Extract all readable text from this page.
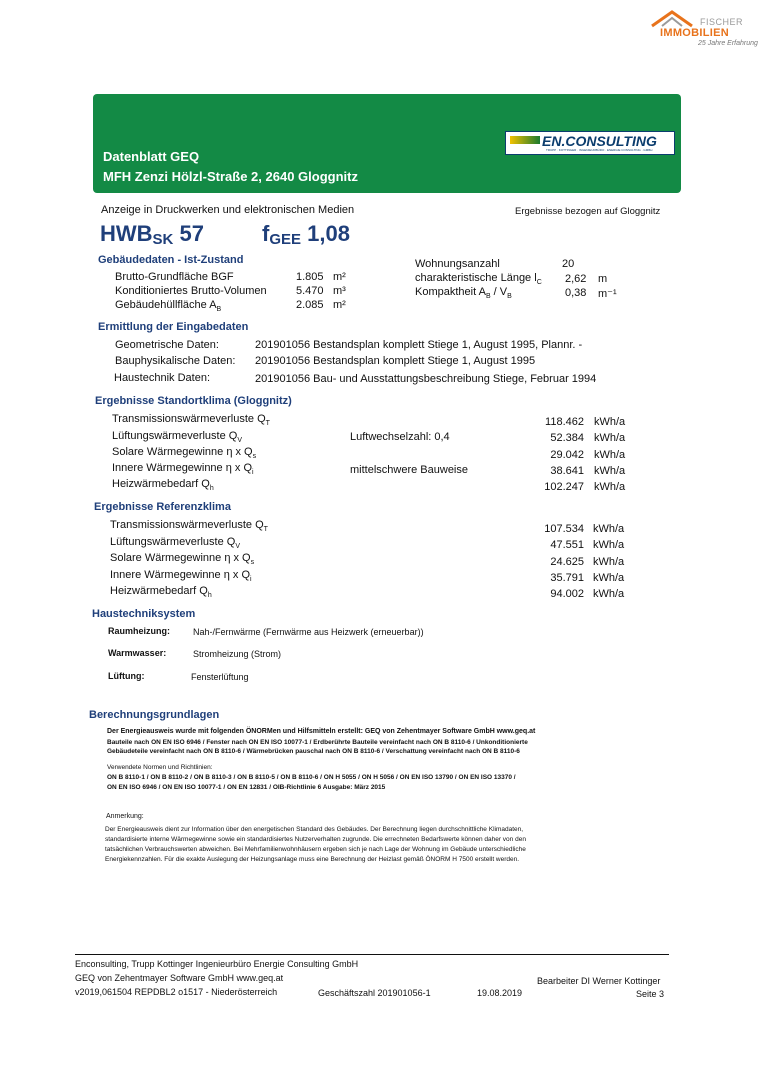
FISCHER
IMMOBILIEN
25 Jahre Erfahrung
Datenblatt GEQ
MFH Zenzi Hölzl-Straße 2, 2640 Gloggnitz
EN.CONSULTING
TRUPP · KOTTINGER · INGENIEURBÜRO · ENERGIE CONSULTING · GMBH
Anzeige in Druckwerken und elektronischen Medien	Ergebnisse bezogen auf Gloggnitz
$HWB_{SK}$ 57	$f_{GEE}$ 1,08
Gebäudedaten - Ist-Zustand
Brutto-Grundfläche BGF	1.805 m²
Konditioniertes Brutto-Volumen	5.470 m³
Gebäudehüllfläche $A_B$	2.085 m²
Wohnungsanzahl	20
charakteristische Länge $l_C$ 2,62 m
Kompaktheit $A_B / V_B$	0,38 m⁻¹
Ermittlung der Eingabedaten
Geometrische Daten:	201901056 Bestandsplan komplett Stiege 1, August 1995, Plannr. -
Bauphysikalische Daten: 201901056 Bestandsplan komplett Stiege 1, August 1995
Haustechnik Daten:	201901056 Bau- und Ausstattungsbeschreibung Stiege, Februar 1994
Ergebnisse Standortklima (Gloggnitz)
Transmissionswärmeverluste $Q_T$	118.462 kWh/a
Lüftungswärmeverluste $Q_V$	Luftwechselzahl: 0,4	52.384 kWh/a
Solare Wärmegewinne η x $Q_s$	29.042 kWh/a
Innere Wärmegewinne η x $Q_i$	mittelschwere Bauweise	38.641 kWh/a
Heizwärmebedarf $Q_h$	102.247 kWh/a
Ergebnisse Referenzklima
Transmissionswärmeverluste $Q_T$	107.534 kWh/a
Lüftungswärmeverluste $Q_V$	47.551 kWh/a
Solare Wärmegewinne η x $Q_s$	24.625 kWh/a
Innere Wärmegewinne η x $Q_i$	35.791 kWh/a
Heizwärmebedarf $Q_h$	94.002 kWh/a
Haustechniksystem
Raumheizung:	Nah-/Fernwärme (Fernwärme aus Heizwerk (erneuerbar))
Warmwasser:	Stromheizung (Strom)
Lüftung:	Fensterlüftung
Berechnungsgrundlagen
Der Energieausweis wurde mit folgenden ÖNORMen und Hilfsmitteln erstellt: GEQ von Zehentmayer Software GmbH www.geq.at
Bauteile nach ON EN ISO 6946 / Fenster nach ON EN ISO 10077-1 / Erdberührte Bauteile vereinfacht nach ON B 8110-6 / Unkonditionierte
Gebäudeteile vereinfacht nach ON B 8110-6 / Wärmebrücken pauschal nach ON B 8110-6 / Verschattung vereinfacht nach ON B 8110-6
Verwendete Normen und Richtlinien:
ON B 8110-1 / ON B 8110-2 / ON B 8110-3 / ON B 8110-5 / ON B 8110-6 / ON H 5055 / ON H 5056 / ON EN ISO 13790 / ON EN ISO 13370 /
ON EN ISO 6946 / ON EN ISO 10077-1 / ON EN 12831 / OIB-Richtlinie 6 Ausgabe: März 2015
Anmerkung:
Der Energieausweis dient zur Information über den energetischen Standard des Gebäudes. Der Berechnung liegen durchschnittliche Klimadaten,
standardisierte interne Wärmegewinne sowie ein standardisiertes Nutzerverhalten zugrunde. Die errechneten Bedarfswerte können daher von den
tatsächlichen Verbrauchswerten abweichen. Bei Mehrfamilienwohnhäusern ergeben sich je nach Lage der Wohnung im Gebäude unterschiedliche
Energiekennzahlen. Für die exakte Auslegung der Heizungsanlage muss eine Berechnung der Heizlast gemäß ÖNORM H 7500 erstellt werden.
Enconsulting, Trupp Kottinger Ingenieurbüro Energie Consulting GmbH
GEQ von Zehentmayer Software GmbH www.geq.at
v2019,061504 REPDBL2 o1517 - Niederösterreich	Geschäftszahl 201901056-1	19.08.2019
Bearbeiter DI Werner Kottinger
Seite 3
